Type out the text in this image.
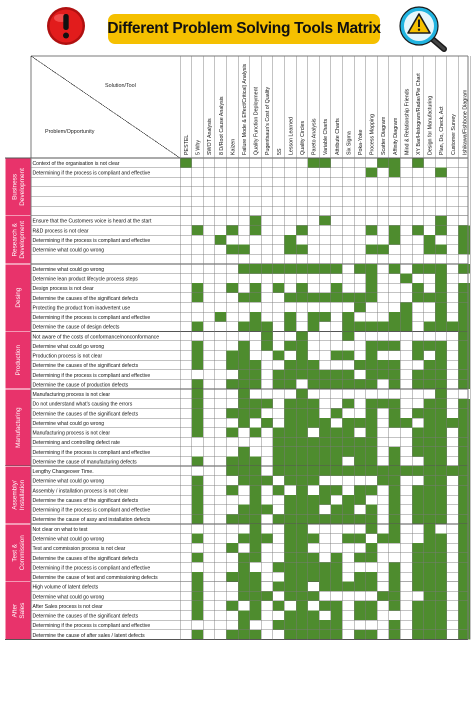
Different Problem Solving Tools Matrix
Solution/Tool
Problem/Opportunity
PESTEL 5 Why SWOT Analysis 8 D/Root Cause Analysis Kaizen Failure Mode & Effect/Critical) Analysis Quality Function Deployment Pugentsaun's Cost of Quality 5S Lesson Learned Quality Circles Pareto Analysis Variable Charts Attribute Charts Six Sigma Poka-Yoke Process Mapping Scatter Diagram Affinity Diagram Mind & Relationship Friends XY Bar/Histogram/Radar/Pie Chart Design for Manufacturing Plan, Do, Check, Act Customer Survey Ishikawa/Fishbone Diagram
BusinessDevelopment
Context of the organisation is not clear
Determining if the process is compliant and effective
Research &Development Ensure that the Customers voice is heard at the start
R&D process is not clear
Determining if the process is compliant and effective
Determine what could go wrong
Desing
Determine what could go wrong
Determine lean product lifecycle process steps
Design process is not clear
Determine the causes of the significant defects
Protecting the product from inadvertent use
Determining if the process is compliant and effective
Determine the cause of design defects
Production
Not aware of the costs of conformance/nonconformance
Determine what could go wrong
Production process is not clear
Determine the causes of the significant defects
Determining if the process is compliant and effective
Determine the cause of production defects
Manufacturing
Manufacturing process is not clear
Do not understand what's causing the errors
Determine the causes of the significant defects
Determine what could go wrong
Manufacturing process is not clear
Determining and controlling defect rate
Determining if the process is compliant and effective
Determine the cause of manufacturing defects
Assembly/Installation
Lengthy Changeover Time.
Determine what could go wrong
Assembly / installation process is not clear
Determine the causes of the significant defects
Determining if the process is compliant and effective
Determine the cause of assy and installation defects
Test &Commission
Not clear on what to test
Determine what could go wrong
Test and commission process is not clear
Determine the causes of the significant defects
Determining if the process is compliant and effective
Determine the cause of test and commissioning defects
AfterSales
High volume of latent defects
Determine what could go wrong
After Sales process is not clear
Determine the causes of the significant defects
Determining if the process is compliant and effective
Determine the cause of after sales / latent defects
